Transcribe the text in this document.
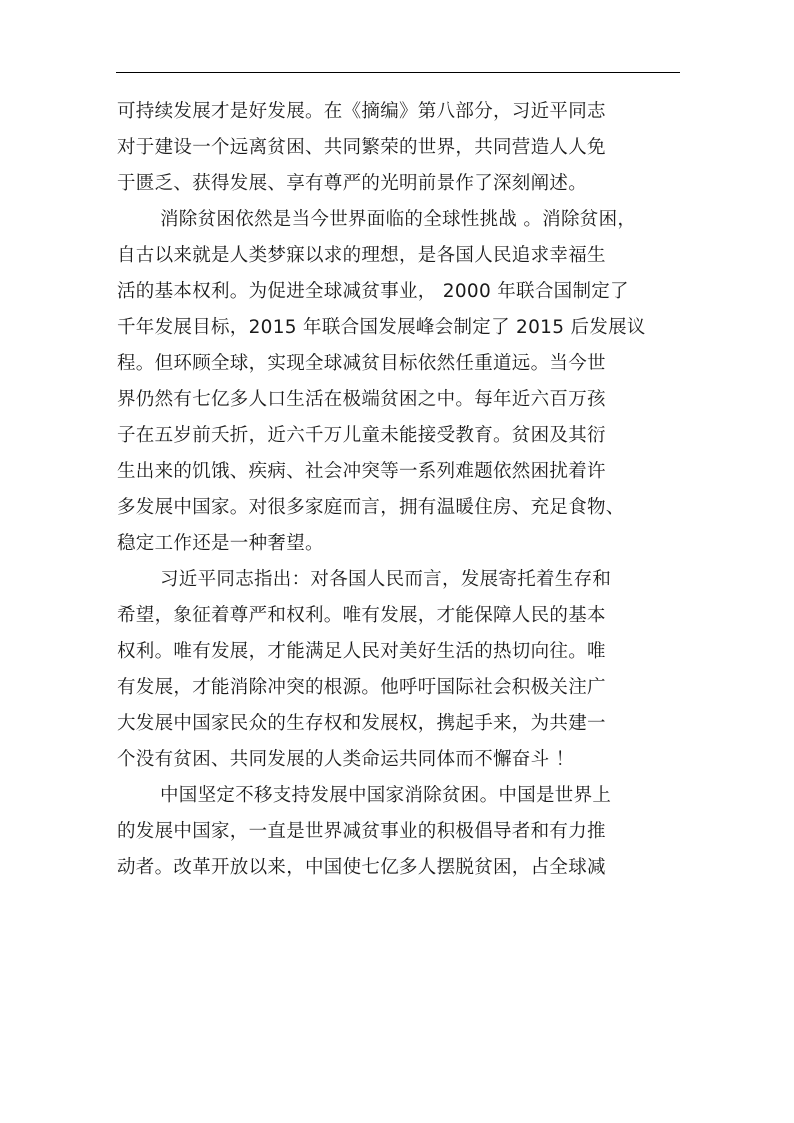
可持续发展才是好发展。在《摘编》第八部分，习近平同志
对于建设一个远离贫困、共同繁荣的世界，共同营造人人免
于匮乏、获得发展、享有尊严的光明前景作了深刻阐述。
消除贫困依然是当今世界面临的全球性挑战 。消除贫困，
自古以来就是人类梦寐以求的理想，是各国人民追求幸福生
活的基本权利。为促进全球减贫事业， 2000 年联合国制定了
千年发展目标，2015 年联合国发展峰会制定了 2015 后发展议
程。但环顾全球，实现全球减贫目标依然任重道远。当今世
界仍然有七亿多人口生活在极端贫困之中。每年近六百万孩
子在五岁前夭折，近六千万儿童未能接受教育。贫困及其衍
生出来的饥饿、疾病、社会冲突等一系列难题依然困扰着许
多发展中国家。对很多家庭而言，拥有温暖住房、充足食物、
稳定工作还是一种奢望。
习近平同志指出：对各国人民而言，发展寄托着生存和
希望，象征着尊严和权利。唯有发展，才能保障人民的基本
权利。唯有发展，才能满足人民对美好生活的热切向往。唯
有发展，才能消除冲突的根源。他呼吁国际社会积极关注广
大发展中国家民众的生存权和发展权，携起手来，为共建一
个没有贫困、共同发展的人类命运共同体而不懈奋斗 ！
中国坚定不移支持发展中国家消除贫困。中国是世界上
的发展中国家，一直是世界减贫事业的积极倡导者和有力推
动者。改革开放以来，中国使七亿多人摆脱贫困，占全球减
